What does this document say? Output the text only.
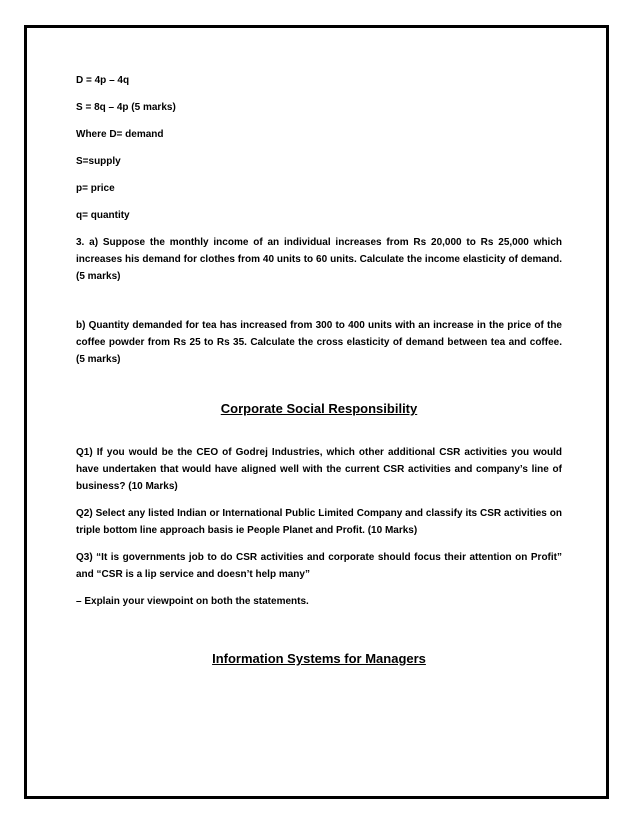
D = 4p – 4q

S = 8q – 4p (5 marks)

Where D= demand

S=supply

p= price

q= quantity

3. a) Suppose the monthly income of an individual increases from Rs 20,000 to Rs 25,000 which increases his demand for clothes from 40 units to 60 units. Calculate the income elasticity of demand. (5 marks)

b) Quantity demanded for tea has increased from 300 to 400 units with an increase in the price of the coffee powder from Rs 25 to Rs 35. Calculate the cross elasticity of demand between tea and coffee. (5 marks)

Corporate Social Responsibility

Q1) If you would be the CEO of Godrej Industries, which other additional CSR activities you would have undertaken that would have aligned well with the current CSR activities and company’s line of business? (10 Marks)

Q2) Select any listed Indian or International Public Limited Company and classify its CSR activities on triple bottom line approach basis ie People Planet and Profit. (10 Marks)

Q3) “It is governments job to do CSR activities and corporate should focus their attention on Profit” and “CSR is a lip service and doesn’t help many”

– Explain your viewpoint on both the statements.

Information Systems for Managers
